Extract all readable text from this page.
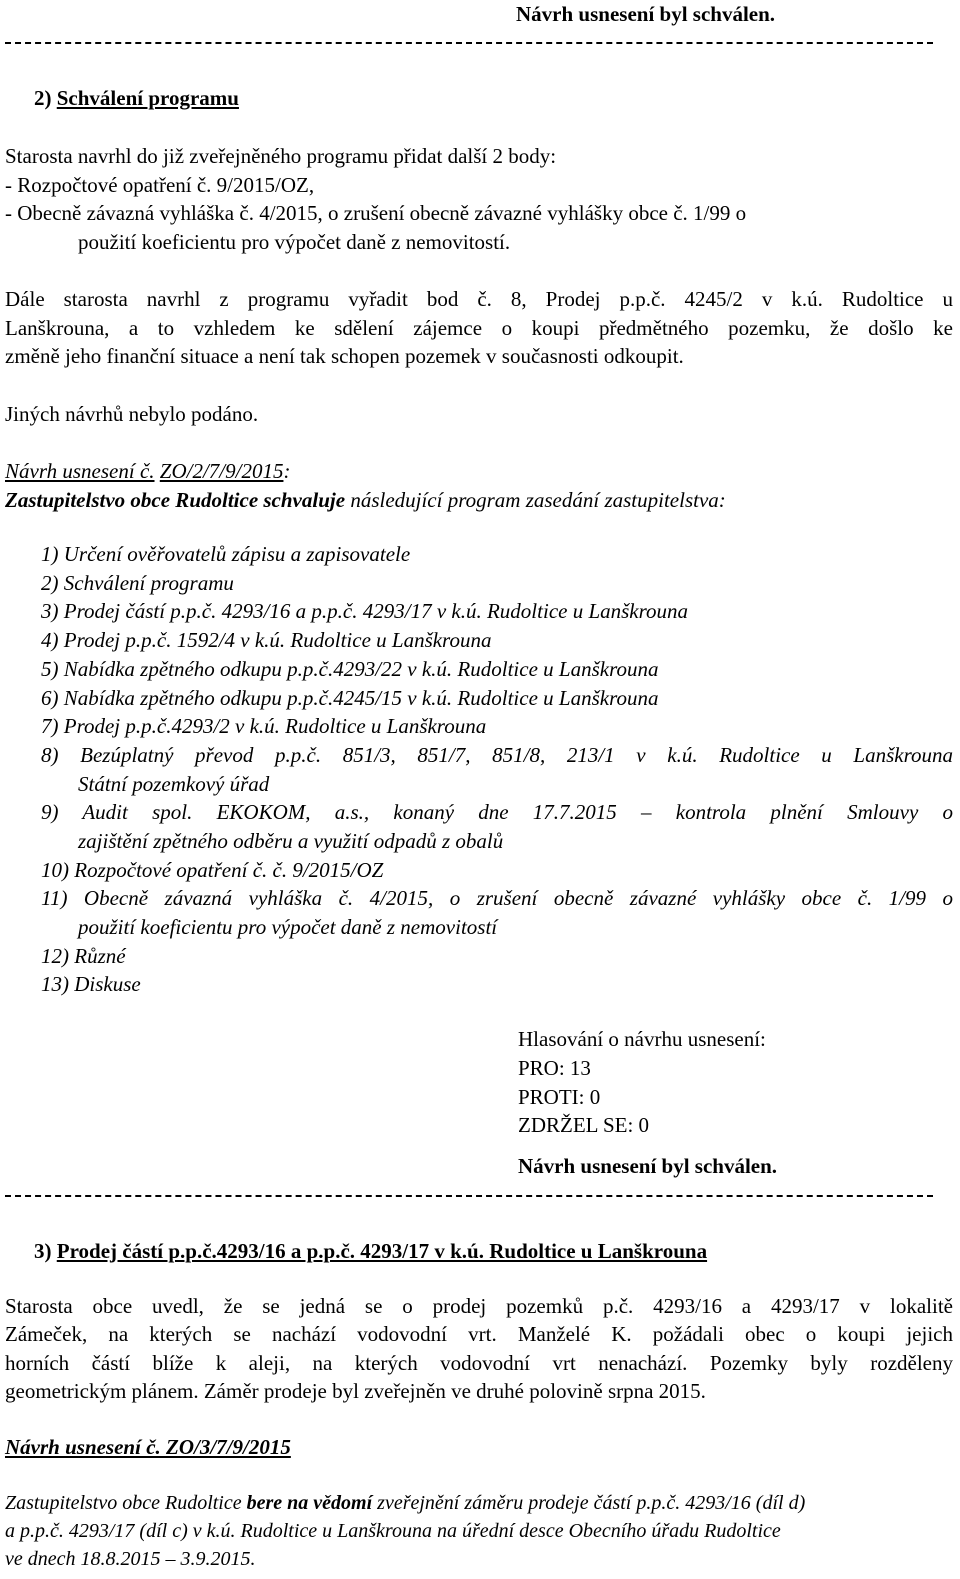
Návrh usnesení byl schválen.
2) Schválení programu
Starosta navrhl do již zveřejněného programu přidat další 2 body:
- Rozpočtové opatření č. 9/2015/OZ,
- Obecně závazná vyhláška č. 4/2015, o zrušení obecně závazné vyhlášky obce č. 1/99 o
použití koeficientu pro výpočet daně z nemovitostí.
Dále starosta navrhl z programu vyřadit bod č. 8, Prodej p.p.č. 4245/2 v k.ú. Rudoltice u
Lanškrouna, a to vzhledem ke sdělení zájemce o koupi předmětného pozemku, že došlo ke
změně jeho finanční situace a není tak schopen pozemek v současnosti odkoupit.
Jiných návrhů nebylo podáno.
Návrh usnesení č. ZO/2/7/9/2015:
Zastupitelstvo obce Rudoltice schvaluje následující program zasedání zastupitelstva:
1) Určení ověřovatelů zápisu a zapisovatele
2) Schválení programu
3) Prodej částí p.p.č. 4293/16 a p.p.č. 4293/17 v k.ú. Rudoltice u Lanškrouna
4) Prodej p.p.č. 1592/4 v k.ú. Rudoltice u Lanškrouna
5) Nabídka zpětného odkupu p.p.č.4293/22 v k.ú. Rudoltice u Lanškrouna
6) Nabídka zpětného odkupu p.p.č.4245/15 v k.ú. Rudoltice u Lanškrouna
7) Prodej p.p.č.4293/2 v k.ú. Rudoltice u Lanškrouna
8) Bezúplatný převod p.p.č. 851/3, 851/7, 851/8, 213/1 v k.ú. Rudoltice u Lanškrouna
Státní pozemkový úřad
9) Audit spol. EKOKOM, a.s., konaný dne 17.7.2015 – kontrola plnění Smlouvy o
zajištění zpětného odběru a využití odpadů z obalů
10) Rozpočtové opatření č. č. 9/2015/OZ
11) Obecně závazná vyhláška č. 4/2015, o zrušení obecně závazné vyhlášky obce č. 1/99 o
použití koeficientu pro výpočet daně z nemovitostí
12) Různé
13) Diskuse
Hlasování o návrhu usnesení:
PRO: 13
PROTI: 0
ZDRŽEL SE: 0
Návrh usnesení byl schválen.
3) Prodej částí p.p.č.4293/16 a p.p.č. 4293/17 v k.ú. Rudoltice u Lanškrouna
Starosta obce uvedl, že se jedná se o prodej pozemků p.č. 4293/16 a 4293/17 v lokalitě
Zámeček, na kterých se nachází vodovodní vrt. Manželé K. požádali obec o koupi jejich
horních částí blíže k aleji, na kterých vodovodní vrt nenachází. Pozemky byly rozděleny
geometrickým plánem. Záměr prodeje byl zveřejněn ve druhé polovině srpna 2015.
Návrh usnesení č. ZO/3/7/9/2015
Zastupitelstvo obce Rudoltice bere na vědomí zveřejnění záměru prodeje částí p.p.č. 4293/16 (díl d)
a p.p.č. 4293/17 (díl c) v k.ú. Rudoltice u Lanškrouna na úřední desce Obecního úřadu Rudoltice
ve dnech 18.8.2015 – 3.9.2015.
